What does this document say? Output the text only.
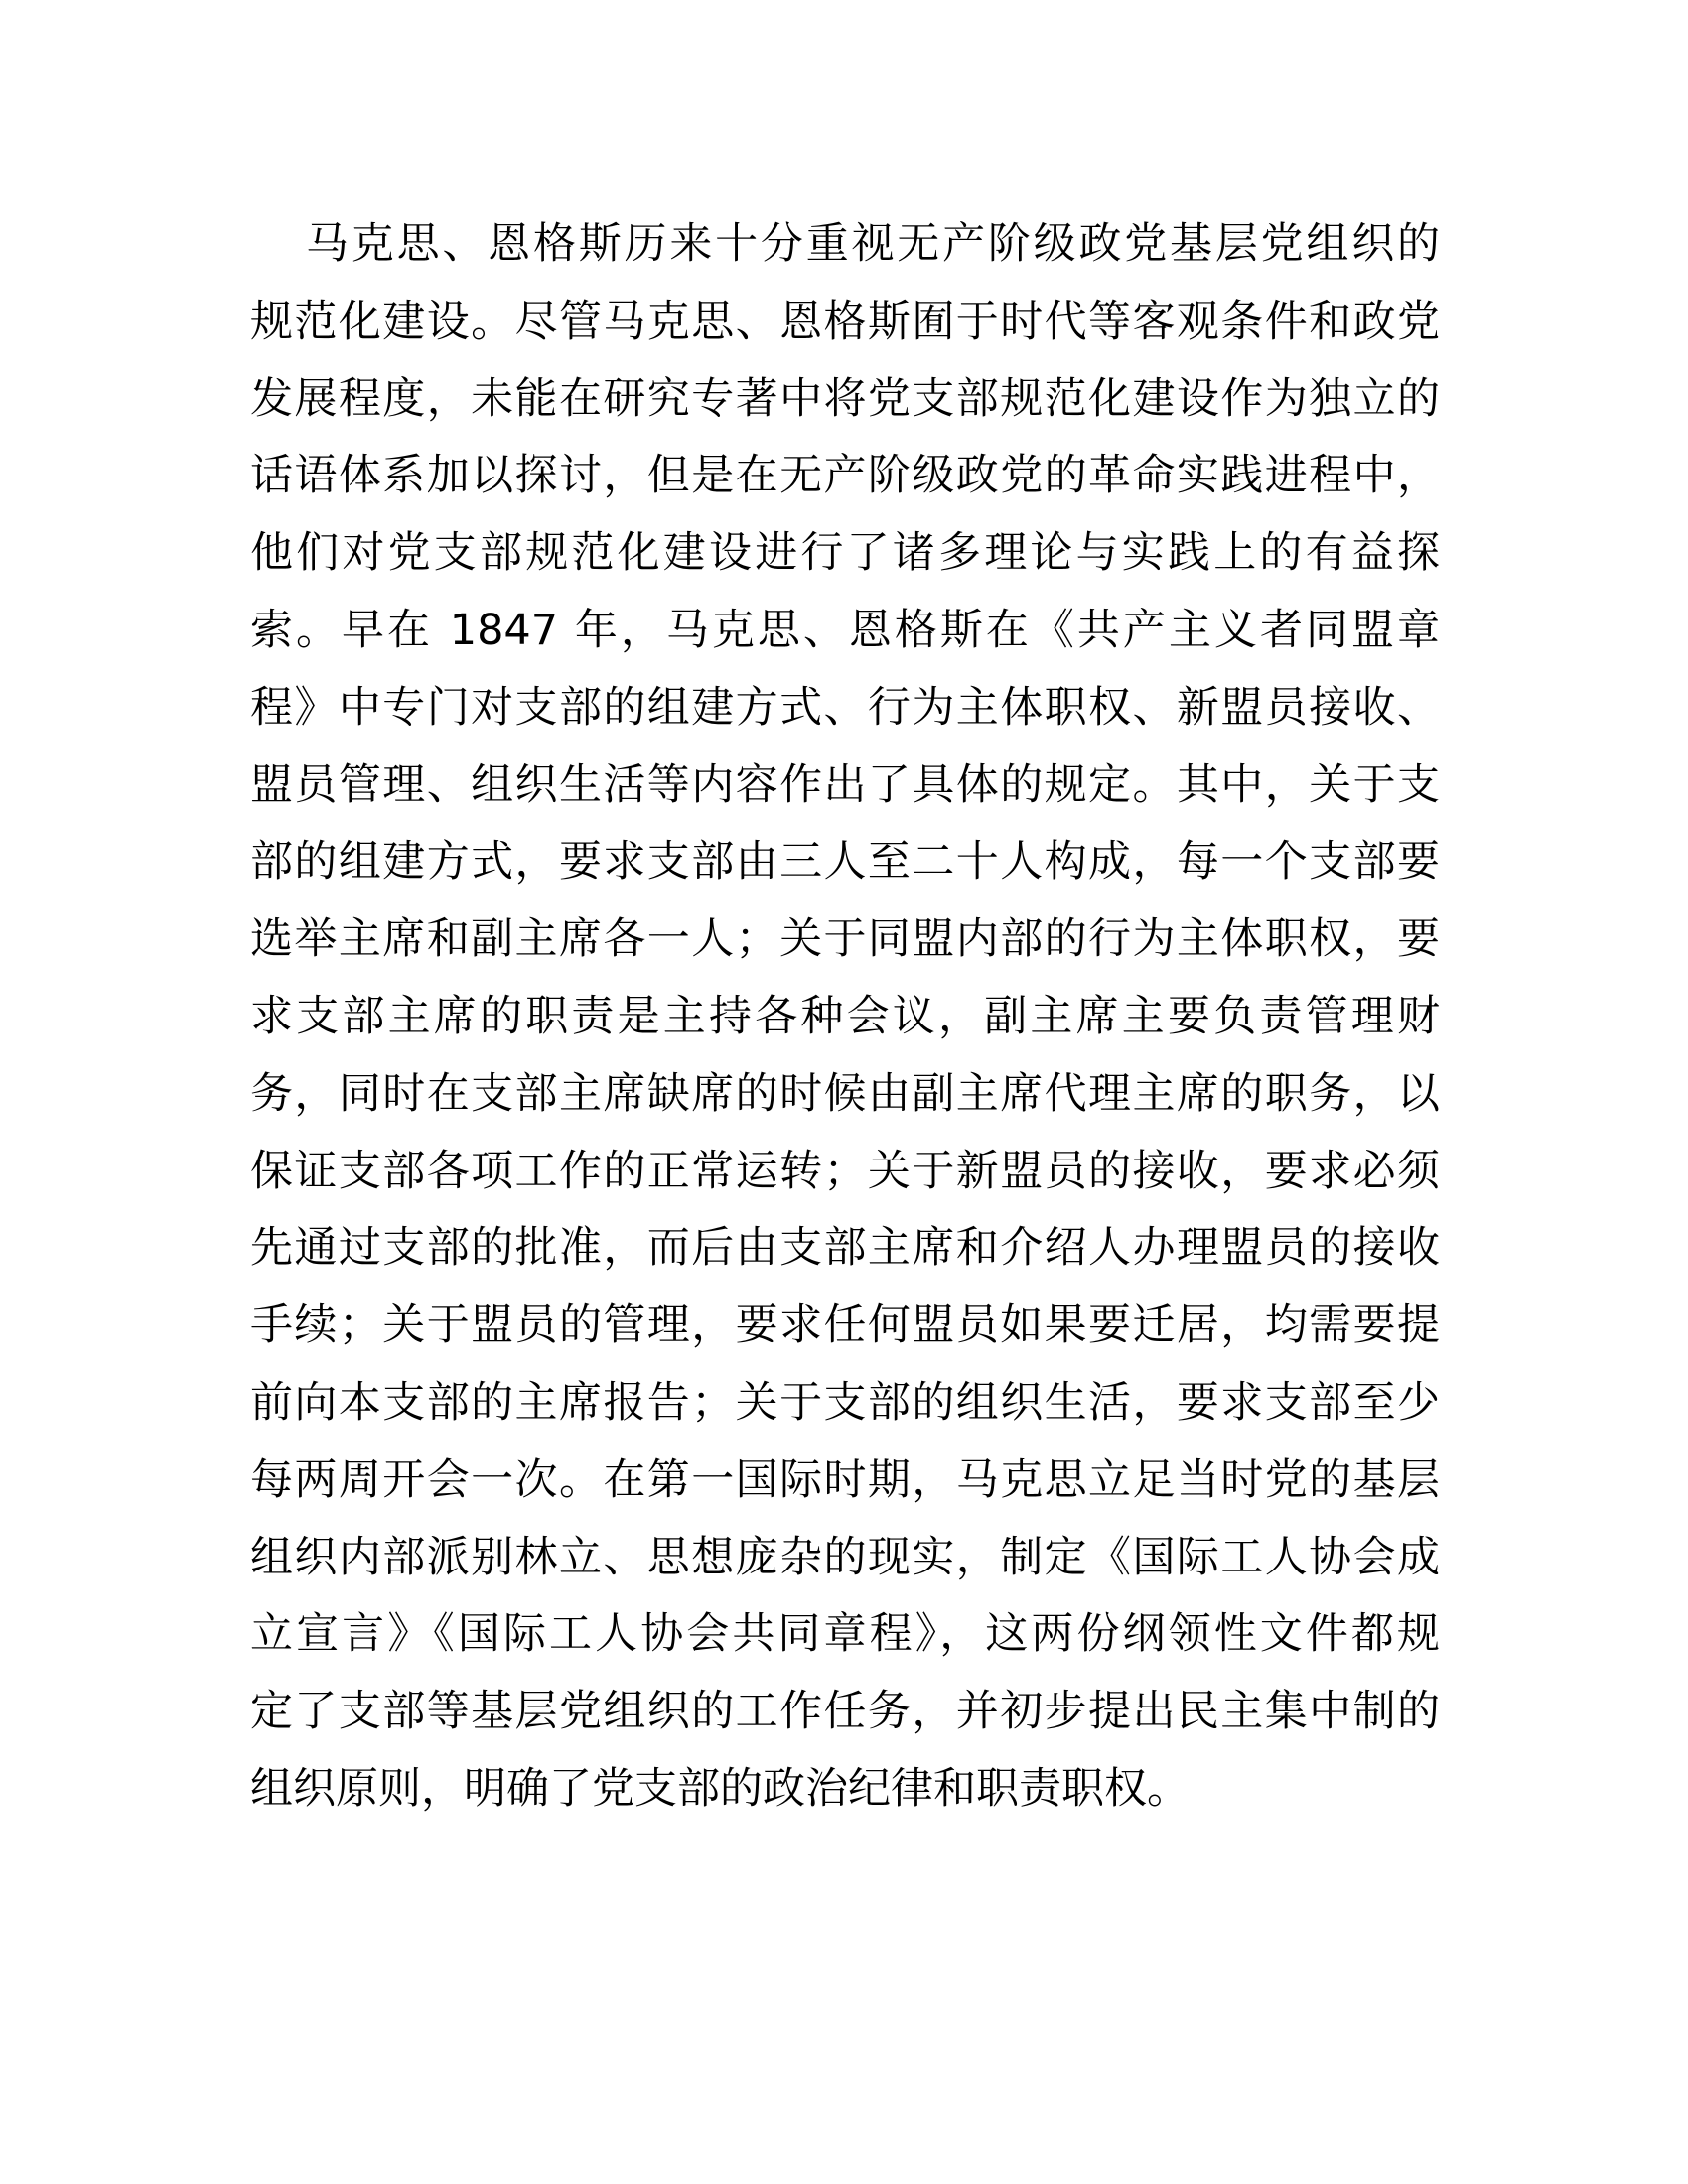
马克思、恩格斯历来十分重视无产阶级政党基层党组织的
规范化建设。尽管马克思、恩格斯囿于时代等客观条件和政党
发展程度，未能在研究专著中将党支部规范化建设作为独立的
话语体系加以探讨，但是在无产阶级政党的革命实践进程中，
他们对党支部规范化建设进行了诸多理论与实践上的有益探
索。早在 1847 年，马克思、恩格斯在《共产主义者同盟章
程》中专门对支部的组建方式、行为主体职权、新盟员接收、
盟员管理、组织生活等内容作出了具体的规定。其中，关于支
部的组建方式，要求支部由三人至二十人构成，每一个支部要
选举主席和副主席各一人；关于同盟内部的行为主体职权，要
求支部主席的职责是主持各种会议，副主席主要负责管理财
务，同时在支部主席缺席的时候由副主席代理主席的职务，以
保证支部各项工作的正常运转；关于新盟员的接收，要求必须
先通过支部的批准，而后由支部主席和介绍人办理盟员的接收
手续；关于盟员的管理，要求任何盟员如果要迁居，均需要提
前向本支部的主席报告；关于支部的组织生活，要求支部至少
每两周开会一次。在第一国际时期，马克思立足当时党的基层
组织内部派别林立、思想庞杂的现实，制定《国际工人协会成
立宣言》《国际工人协会共同章程》，这两份纲领性文件都规
定了支部等基层党组织的工作任务，并初步提出民主集中制的
组织原则，明确了党支部的政治纪律和职责职权。
